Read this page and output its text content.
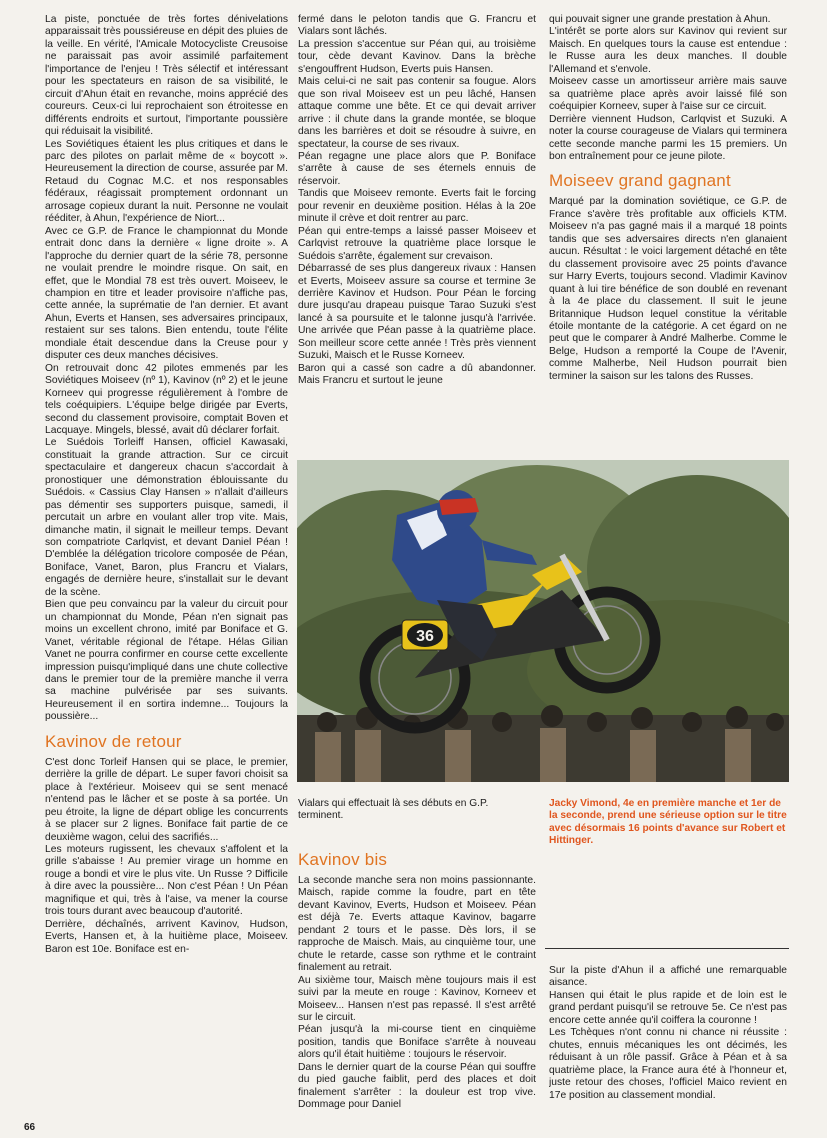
La piste, ponctuée de très fortes dénivelations apparaissait très poussiéreuse en dépit des pluies de la veille. En vérité, l'Amicale Motocycliste Creusoise ne paraissait pas avoir assimilé parfaitement l'importance de l'enjeu ! Très sélectif et intéressant pour les spectateurs en raison de sa visibilité, le circuit d'Ahun était en revanche, moins apprécié des coureurs. Ceux-ci lui reprochaient son étroitesse en différents endroits et surtout, l'importante poussière qui réduisait la visibilité.

Les Soviétiques étaient les plus critiques et dans le parc des pilotes on parlait même de « boycott ». Heureusement la direction de course, assurée par M. Retaud du Cognac M.C. et nos responsables fédéraux, réagissait promptement ordonnant un arrosage copieux durant la nuit. Personne ne voulait rééditer, à Ahun, l'expérience de Niort...

Avec ce G.P. de France le championnat du Monde entrait donc dans la dernière « ligne droite ». A l'approche du dernier quart de la série 78, personne ne voulait prendre le moindre risque. On sait, en effet, que le Mondial 78 est très ouvert. Moiseev, le champion en titre et leader provisoire n'affiche pas, cette année, la suprématie de l'an dernier. Et avant Ahun, Everts et Hansen, ses adversaires principaux, restaient sur ses talons. Bien entendu, toute l'élite mondiale était descendue dans la Creuse pour y disputer ces deux manches décisives.

On retrouvait donc 42 pilotes emmenés par les Soviétiques Moiseev (nº 1), Kavinov (nº 2) et le jeune Korneev qui progresse régulièrement à l'ombre de tels coéquipiers. L'équipe belge dirigée par Everts, second du classement provisoire, comptait Boven et Lacquaye. Mingels, blessé, avait dû déclarer forfait.

Le Suédois Torleiff Hansen, officiel Kawasaki, constituait la grande attraction. Sur ce circuit spectaculaire et dangereux chacun s'accordait à pronostiquer une démonstration éblouissante du Suédois. « Cassius Clay Hansen » n'allait d'ailleurs pas démentir ses supporters puisque, samedi, il percutait un arbre en voulant aller trop vite. Mais, dimanche matin, il signait le meilleur temps. Devant son compatriote Carlqvist, et devant Daniel Péan ! D'emblée la délégation tricolore composée de Péan, Boniface, Vanet, Baron, plus Francru et Vialars, engagés de dernière heure, s'installait sur le devant de la scène.

Bien que peu convaincu par la valeur du circuit pour un championnat du Monde, Péan n'en signait pas moins un excellent chrono, imité par Boniface et G. Vanet, véritable régional de l'étape. Hélas Gilian Vanet ne pourra confirmer en course cette excellente impression puisqu'impliqué dans une chute collective dans le premier tour de la première manche il verra sa machine pulvérisée par ses suivants. Heureusement il en sortira indemne... Toujours la poussière...

Kavinov de retour

C'est donc Torleif Hansen qui se place, le premier, derrière la grille de départ. Le super favori choisit sa place à l'extérieur. Moiseev qui se sent menacé n'entend pas le lâcher et se poste à sa portée. Un peu étroite, la ligne de départ oblige les concurrents à se placer sur 2 lignes. Boniface fait partie de ce deuxième wagon, celui des sacrifiés...

Les moteurs rugissent, les chevaux s'affolent et la grille s'abaisse ! Au premier virage un homme en rouge a bondi et vire le plus vite. Un Russe ? Difficile à dire avec la poussière... Non c'est Péan ! Un Péan magnifique et qui, très à l'aise, va mener la course trois tours durant avec beaucoup d'autorité.

Derrière, déchaînés, arrivent Kavinov, Hudson, Everts, Hansen et, à la huitième place, Moiseev. Baron est 10e. Boniface est en-

fermé dans le peloton tandis que G. Francru et Vialars sont lâchés.

La pression s'accentue sur Péan qui, au troisième tour, cède devant Kavinov. Dans la brèche s'engouffrent Hudson, Everts puis Hansen.

Mais celui-ci ne sait pas contenir sa fougue. Alors que son rival Moiseev est un peu lâché, Hansen attaque comme une bête. Et ce qui devait arriver arrive : il chute dans la grande montée, se bloque dans les barrières et doit se résoudre à suivre, en spectateur, la course de ses rivaux.

Péan regagne une place alors que P. Boniface s'arrête à cause de ses éternels ennuis de réservoir.

Tandis que Moiseev remonte. Everts fait le forcing pour revenir en deuxième position. Hélas à la 20e minute il crève et doit rentrer au parc.

Péan qui entre-temps a laissé passer Moiseev et Carlqvist retrouve la quatrième place lorsque le Suédois s'arrête, également sur crevaison.

Débarrassé de ses plus dangereux rivaux : Hansen et Everts, Moiseev assure sa course et termine 3e derrière Kavinov et Hudson. Pour Péan le forcing dure jusqu'au drapeau puisque Tarao Suzuki s'est lancé à sa poursuite et le talonne jusqu'à l'arrivée. Une arrivée que Péan passe à la quatrième place. Son meilleur score cette année ! Très près viennent Suzuki, Maisch et le Russe Korneev.

Baron qui a cassé son cadre a dû abandonner. Mais Francru et surtout le jeune

qui pouvait signer une grande prestation à Ahun.

L'intérêt se porte alors sur Kavinov qui revient sur Maisch. En quelques tours la cause est entendue : le Russe aura les deux manches. Il double l'Allemand et s'envole.

Moiseev casse un amortisseur arrière mais sauve sa quatrième place après avoir laissé filé son coéquipier Korneev, super à l'aise sur ce circuit.

Derrière viennent Hudson, Carlqvist et Suzuki. A noter la course courageuse de Vialars qui terminera cette seconde manche parmi les 15 premiers. Un bon entraînement pour ce jeune pilote.

Moiseev grand gagnant

Marqué par la domination soviétique, ce G.P. de France s'avère très profitable aux officiels KTM. Moiseev n'a pas gagné mais il a marqué 18 points tandis que ses adversaires directs n'en glanaient aucun. Résultat : le voici largement détaché en tête du classement provisoire avec 25 points d'avance sur Harry Everts, toujours second. Vladimir Kavinov quant à lui tire bénéfice de son doublé en revenant à la 4e place du classement. Il suit le jeune Britannique Hudson lequel constitue la véritable étoile montante de la catégorie. A cet égard on ne peut que le comparer à André Malherbe. Comme le Belge, Hudson a remporté la Coupe de l'Avenir, comme Malherbe, Neil Hudson pourrait bien terminer la saison sur les talons des Russes.

36
Vialars qui effectuait là ses débuts en G.P. terminent.
Jacky Vimond, 4e en première manche et 1er de la seconde, prend une sérieuse option sur le titre avec désormais 16 points d'avance sur Robert et Hittinger.
Kavinov bis

La seconde manche sera non moins passionnante. Maisch, rapide comme la foudre, part en tête devant Kavinov, Everts, Hudson et Moiseev. Péan est déjà 7e. Everts attaque Kavinov, bagarre pendant 2 tours et le passe. Dès lors, il se rapproche de Maisch. Mais, au cinquième tour, une chute le retarde, casse son rythme et le contraint finalement au retrait.

Au sixième tour, Maisch mène toujours mais il est suivi par la meute en rouge : Kavinov, Korneev et Moiseev... Hansen n'est pas repassé. Il s'est arrêté sur le circuit.

Péan jusqu'à la mi-course tient en cinquième position, tandis que Boniface s'arrête à nouveau alors qu'il était huitième : toujours le réservoir.

Dans le dernier quart de la course Péan qui souffre du pied gauche faiblit, perd des places et doit finalement s'arrêter : la douleur est trop vive. Dommage pour Daniel

Sur la piste d'Ahun il a affiché une remarquable aisance.

Hansen qui était le plus rapide et de loin est le grand perdant puisqu'il se retrouve 5e. Ce n'est pas encore cette année qu'il coiffera la couronne !

Les Tchèques n'ont connu ni chance ni réussite : chutes, ennuis mécaniques les ont décimés, les réduisant à un rôle passif. Grâce à Péan et à sa quatrième place, la France aura été à l'honneur et, juste retour des choses, l'officiel Maico revient en 17e position au classement mondial.

66
